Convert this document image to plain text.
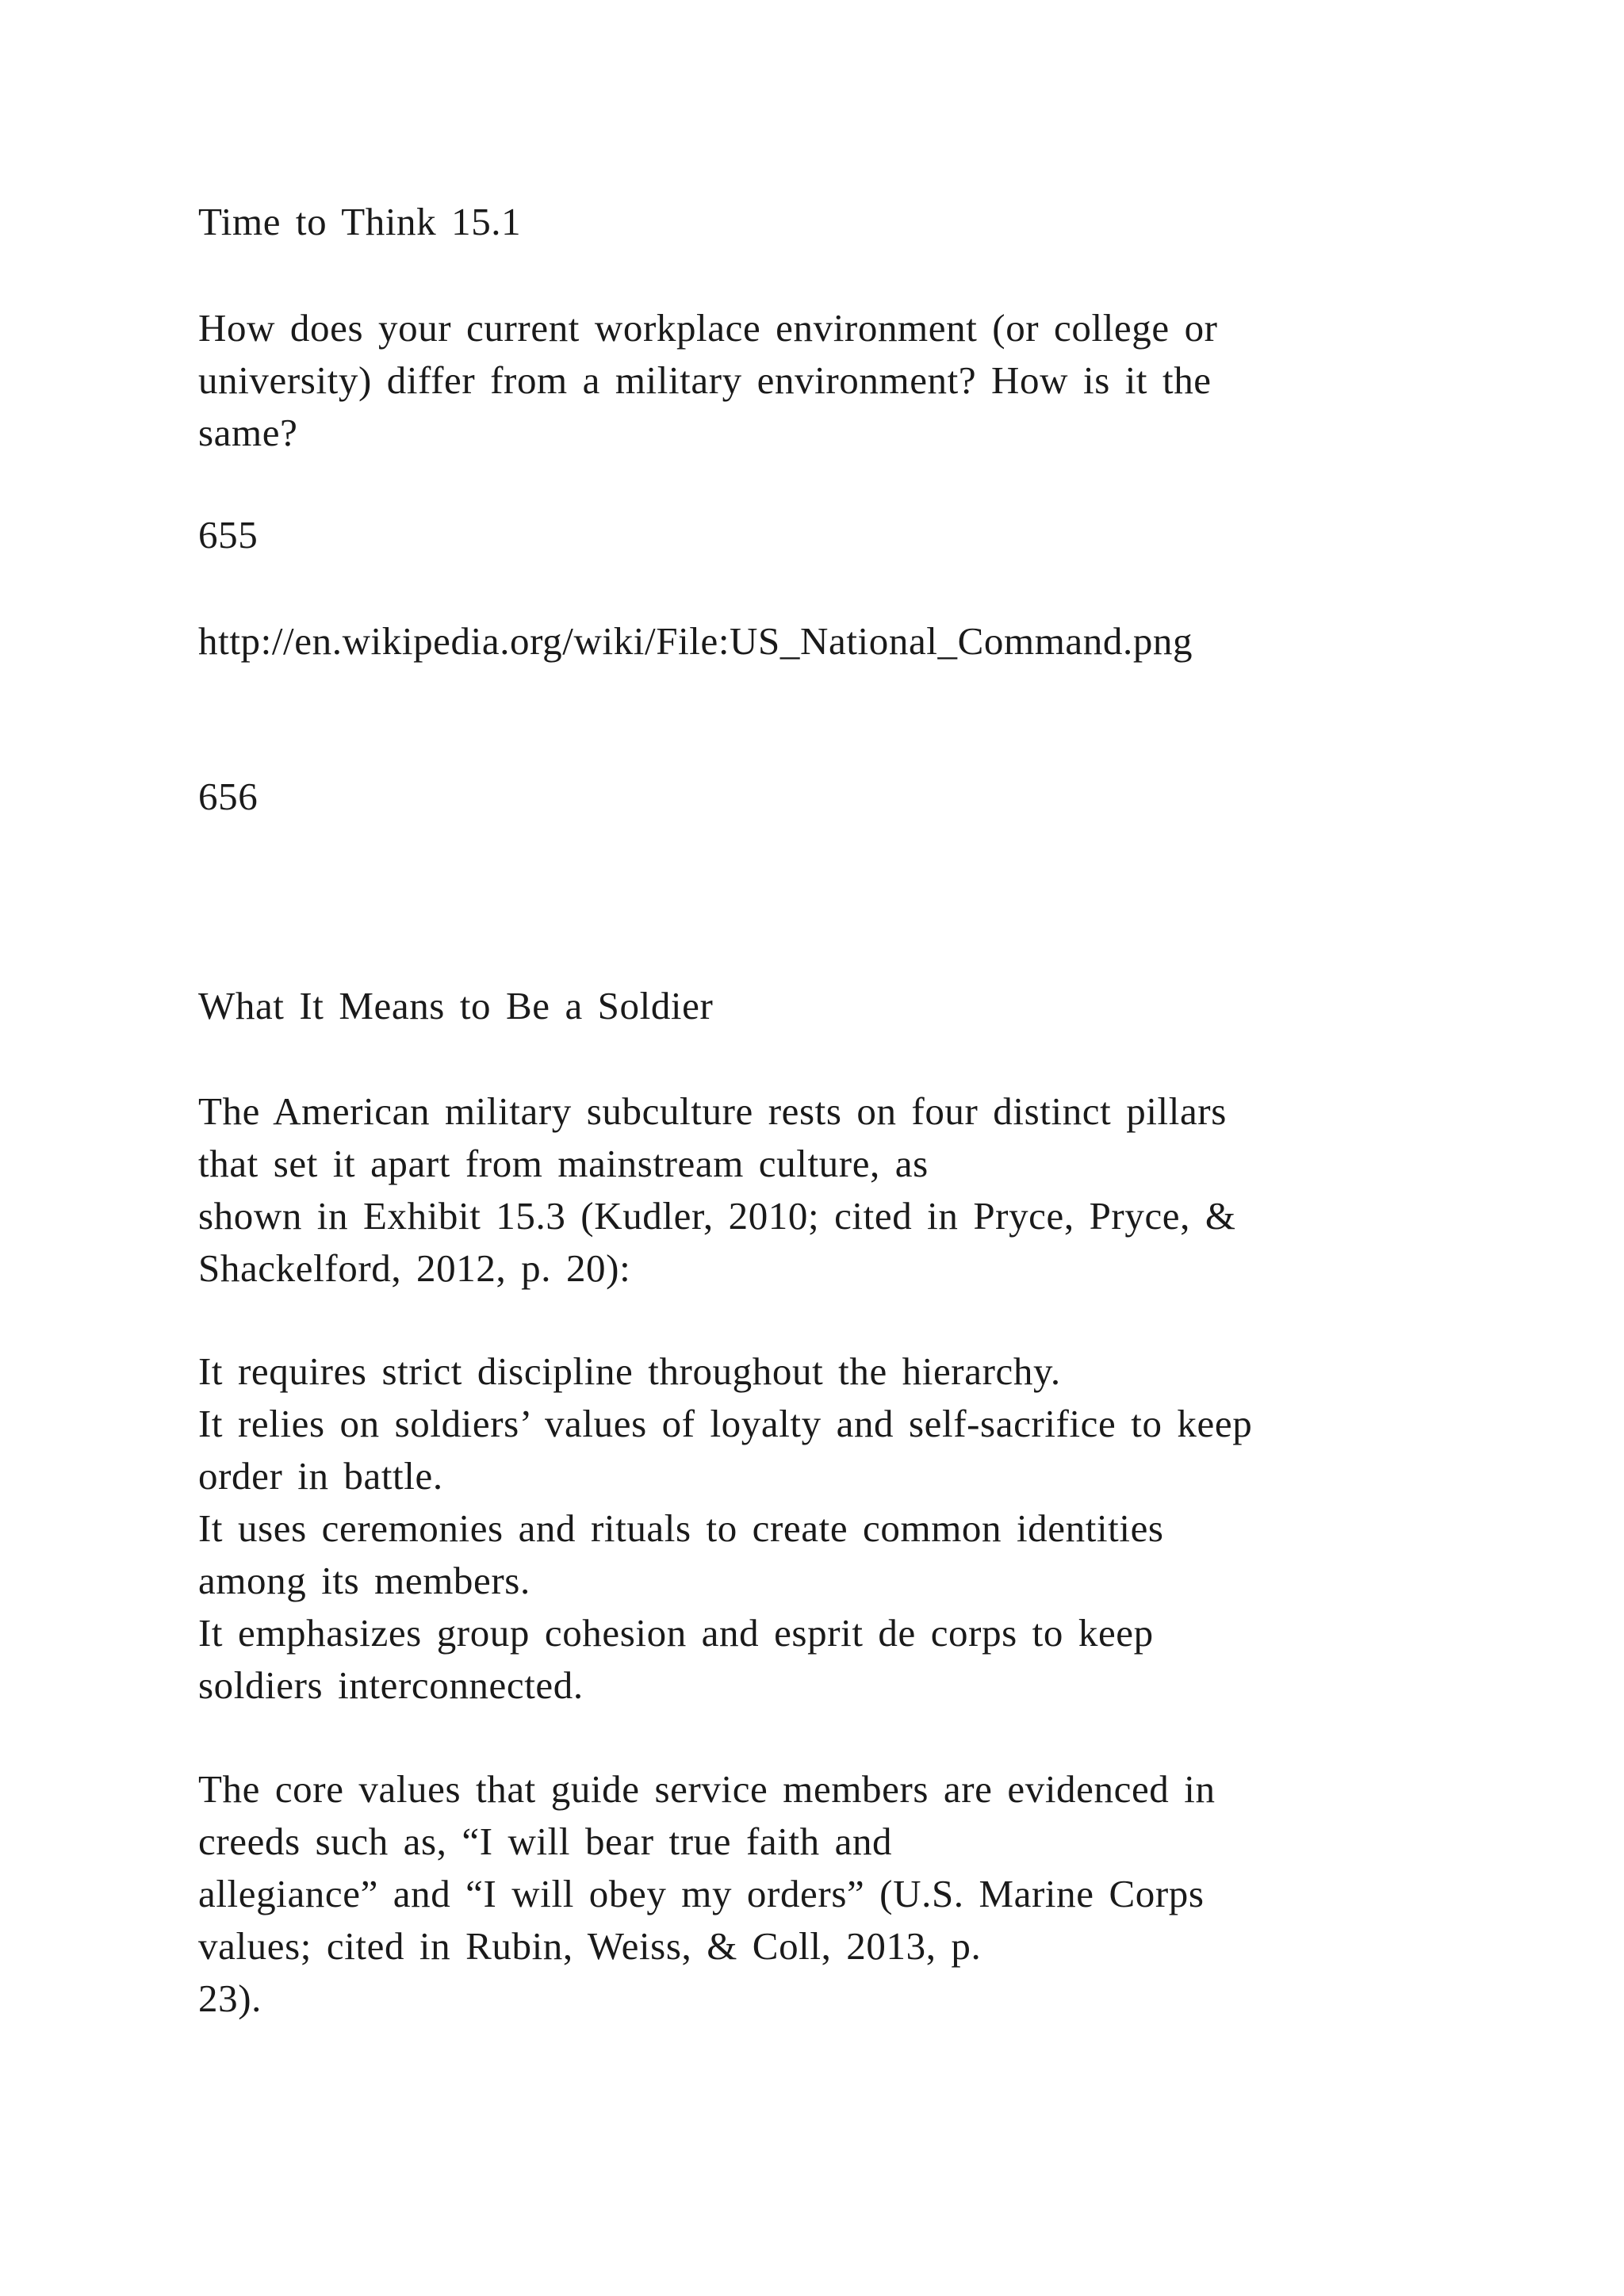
Time to Think 15.1
How does your current workplace environment (or college or
university) differ from a military environment? How is it the
same?
655
http://en.wikipedia.org/wiki/File:US_National_Command.png
656
What It Means to Be a Soldier
The American military subculture rests on four distinct pillars
that set it apart from mainstream culture, as
shown in Exhibit 15.3 (Kudler, 2010; cited in Pryce, Pryce, &
Shackelford, 2012, p. 20):
It requires strict discipline throughout the hierarchy.
It relies on soldiers’ values of loyalty and self-sacrifice to keep
order in battle.
It uses ceremonies and rituals to create common identities
among its members.
It emphasizes group cohesion and esprit de corps to keep
soldiers interconnected.
The core values that guide service members are evidenced in
creeds such as, “I will bear true faith and
allegiance” and “I will obey my orders” (U.S. Marine Corps
values; cited in Rubin, Weiss, & Coll, 2013, p.
23).
